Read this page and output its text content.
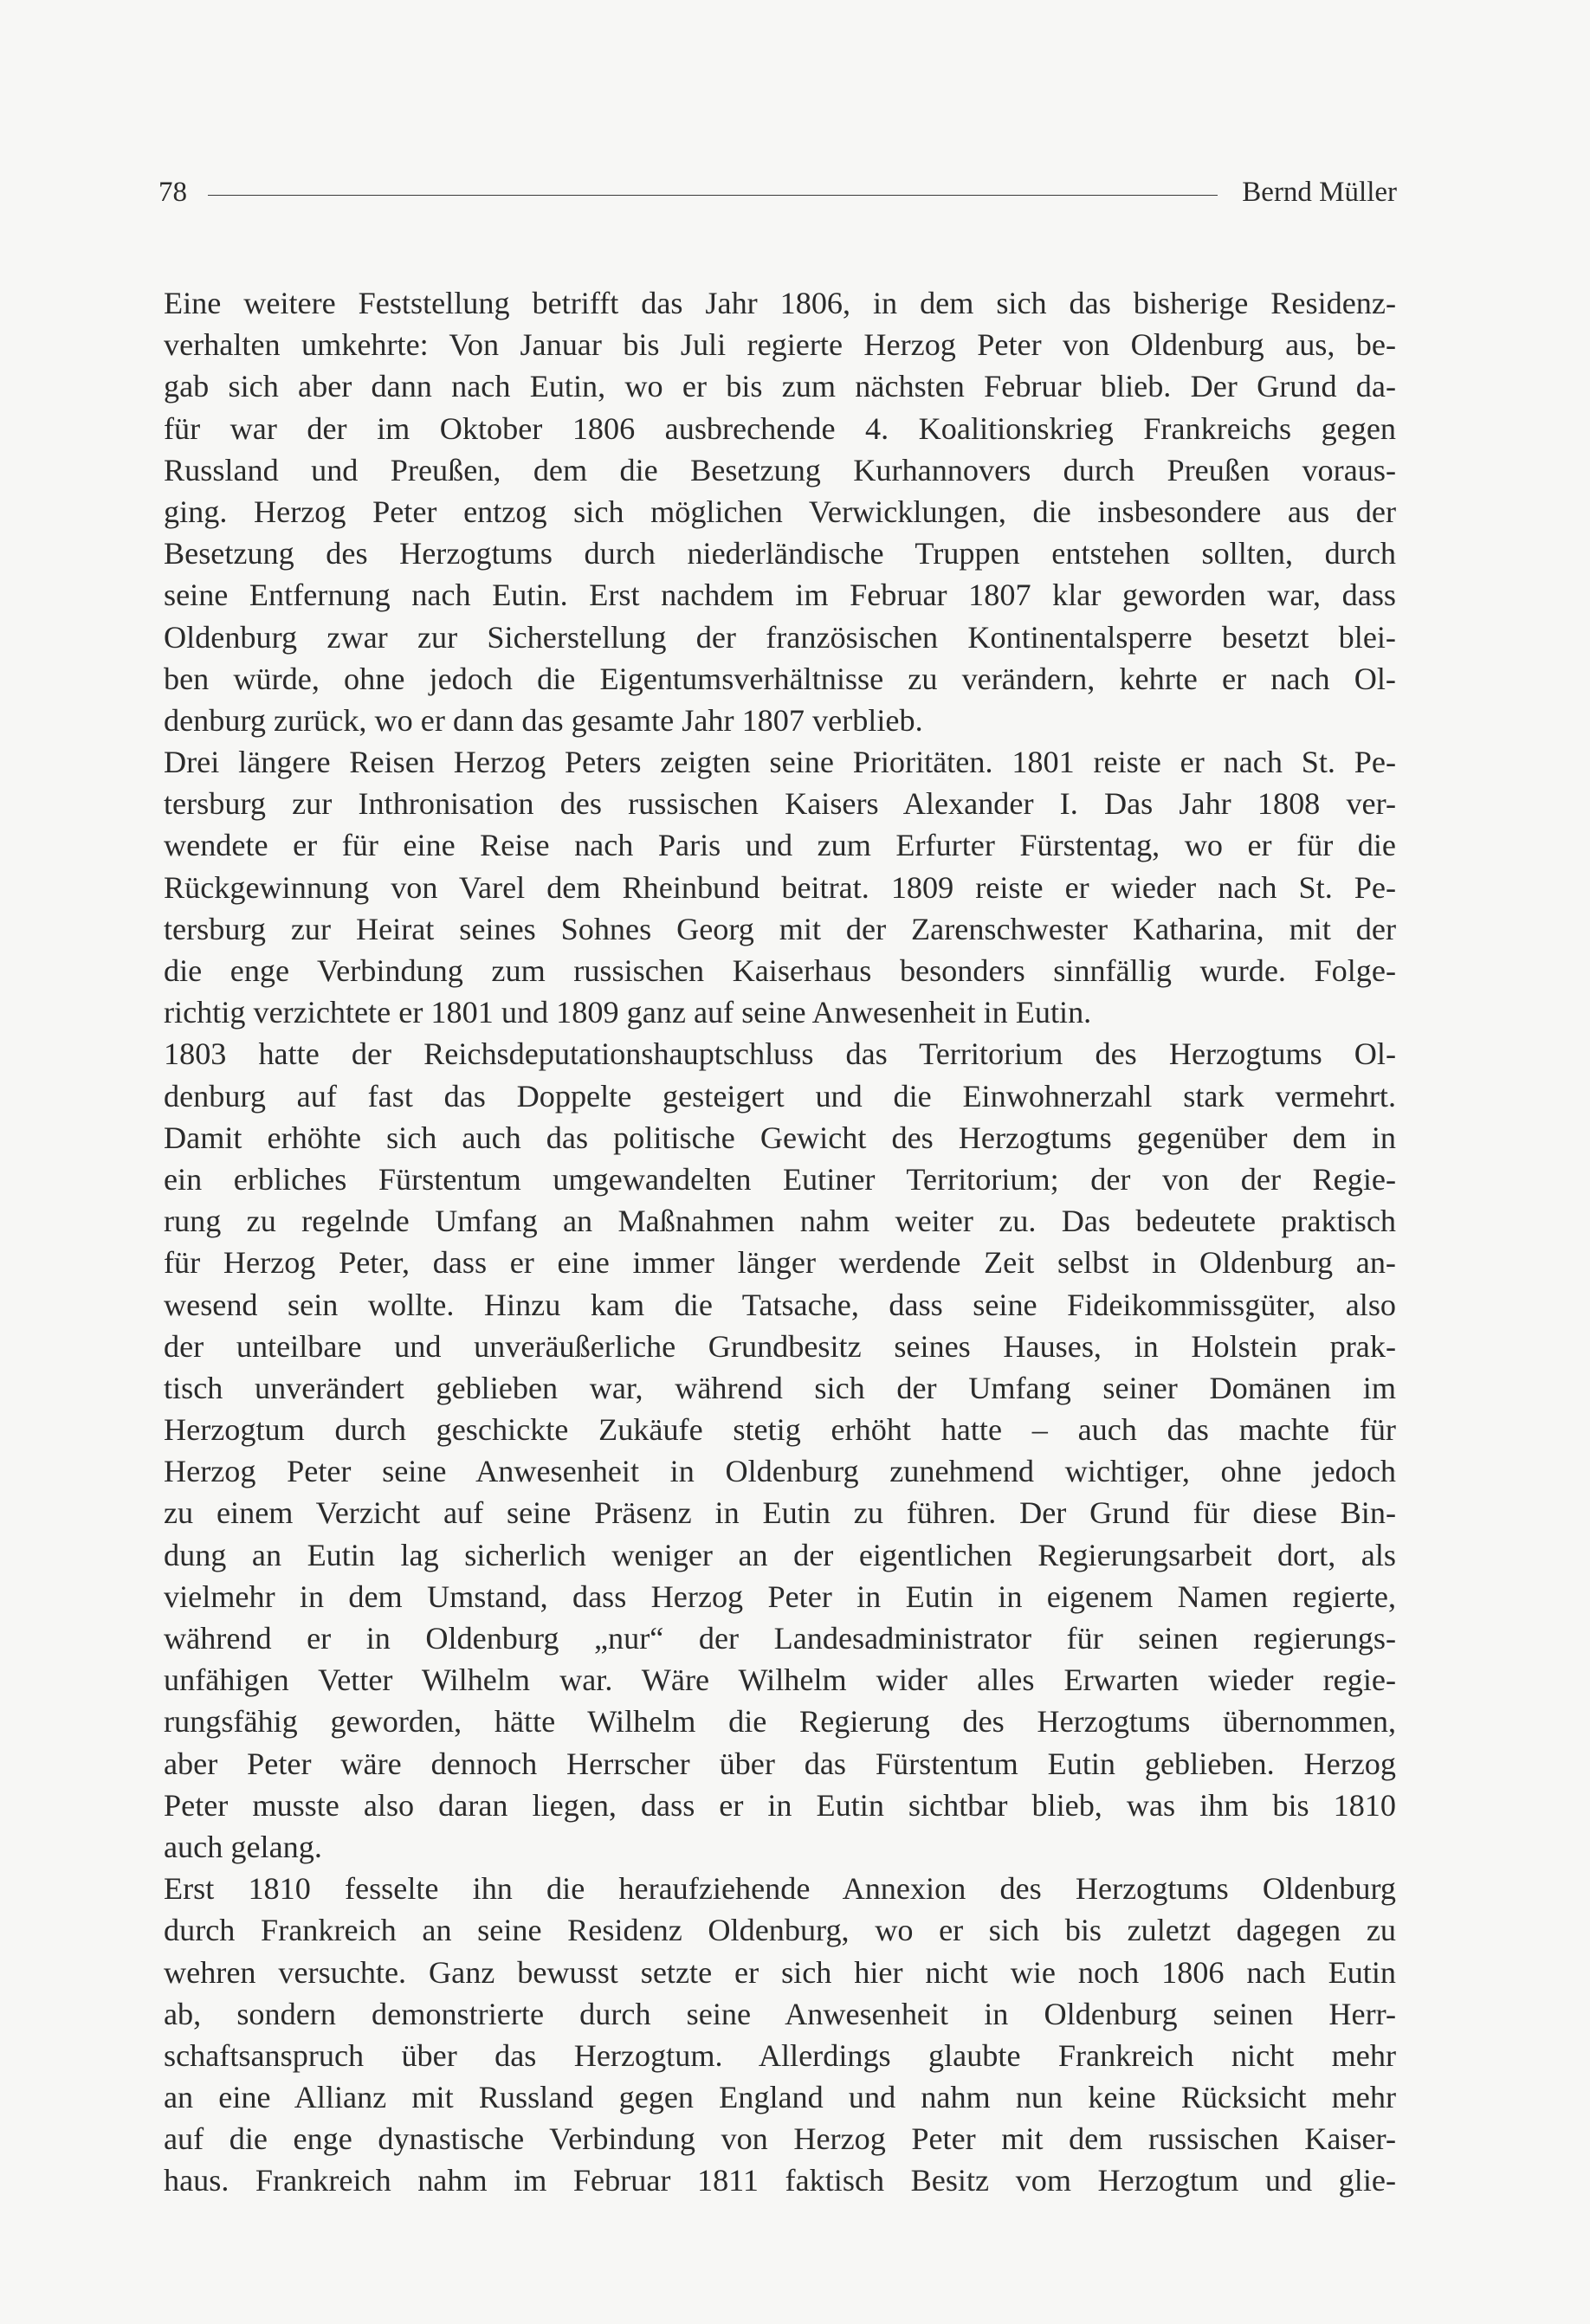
78	Bernd Müller
Eine weitere Feststellung betrifft das Jahr 1806, in dem sich das bisherige Residenz-
verhalten umkehrte: Von Januar bis Juli regierte Herzog Peter von Oldenburg aus, be-
gab sich aber dann nach Eutin, wo er bis zum nächsten Februar blieb. Der Grund da-
für war der im Oktober 1806 ausbrechende 4. Koalitionskrieg Frankreichs gegen
Russland und Preußen, dem die Besetzung Kurhannovers durch Preußen voraus-
ging. Herzog Peter entzog sich möglichen Verwicklungen, die insbesondere aus der
Besetzung des Herzogtums durch niederländische Truppen entstehen sollten, durch
seine Entfernung nach Eutin. Erst nachdem im Februar 1807 klar geworden war, dass
Oldenburg zwar zur Sicherstellung der französischen Kontinentalsperre besetzt blei-
ben würde, ohne jedoch die Eigentumsverhältnisse zu verändern, kehrte er nach Ol-
denburg zurück, wo er dann das gesamte Jahr 1807 verblieb.
Drei längere Reisen Herzog Peters zeigten seine Prioritäten. 1801 reiste er nach St. Pe-
tersburg zur Inthronisation des russischen Kaisers Alexander I. Das Jahr 1808 ver-
wendete er für eine Reise nach Paris und zum Erfurter Fürstentag, wo er für die
Rückgewinnung von Varel dem Rheinbund beitrat. 1809 reiste er wieder nach St. Pe-
tersburg zur Heirat seines Sohnes Georg mit der Zarenschwester Katharina, mit der
die enge Verbindung zum russischen Kaiserhaus besonders sinnfällig wurde. Folge-
richtig verzichtete er 1801 und 1809 ganz auf seine Anwesenheit in Eutin.
1803 hatte der Reichsdeputationshauptschluss das Territorium des Herzogtums Ol-
denburg auf fast das Doppelte gesteigert und die Einwohnerzahl stark vermehrt.
Damit erhöhte sich auch das politische Gewicht des Herzogtums gegenüber dem in
ein erbliches Fürstentum umgewandelten Eutiner Territorium; der von der Regie-
rung zu regelnde Umfang an Maßnahmen nahm weiter zu. Das bedeutete praktisch
für Herzog Peter, dass er eine immer länger werdende Zeit selbst in Oldenburg an-
wesend sein wollte. Hinzu kam die Tatsache, dass seine Fideikommissgüter, also
der unteilbare und unveräußerliche Grundbesitz seines Hauses, in Holstein prak-
tisch unverändert geblieben war, während sich der Umfang seiner Domänen im
Herzogtum durch geschickte Zukäufe stetig erhöht hatte – auch das machte für
Herzog Peter seine Anwesenheit in Oldenburg zunehmend wichtiger, ohne jedoch
zu einem Verzicht auf seine Präsenz in Eutin zu führen. Der Grund für diese Bin-
dung an Eutin lag sicherlich weniger an der eigentlichen Regierungsarbeit dort, als
vielmehr in dem Umstand, dass Herzog Peter in Eutin in eigenem Namen regierte,
während er in Oldenburg „nur“ der Landesadministrator für seinen regierungs-
unfähigen Vetter Wilhelm war. Wäre Wilhelm wider alles Erwarten wieder regie-
rungsfähig geworden, hätte Wilhelm die Regierung des Herzogtums übernommen,
aber Peter wäre dennoch Herrscher über das Fürstentum Eutin geblieben. Herzog
Peter musste also daran liegen, dass er in Eutin sichtbar blieb, was ihm bis 1810
auch gelang.
Erst 1810 fesselte ihn die heraufziehende Annexion des Herzogtums Oldenburg
durch Frankreich an seine Residenz Oldenburg, wo er sich bis zuletzt dagegen zu
wehren versuchte. Ganz bewusst setzte er sich hier nicht wie noch 1806 nach Eutin
ab, sondern demonstrierte durch seine Anwesenheit in Oldenburg seinen Herr-
schaftsanspruch über das Herzogtum. Allerdings glaubte Frankreich nicht mehr
an eine Allianz mit Russland gegen England und nahm nun keine Rücksicht mehr
auf die enge dynastische Verbindung von Herzog Peter mit dem russischen Kaiser-
haus. Frankreich nahm im Februar 1811 faktisch Besitz vom Herzogtum und glie-
